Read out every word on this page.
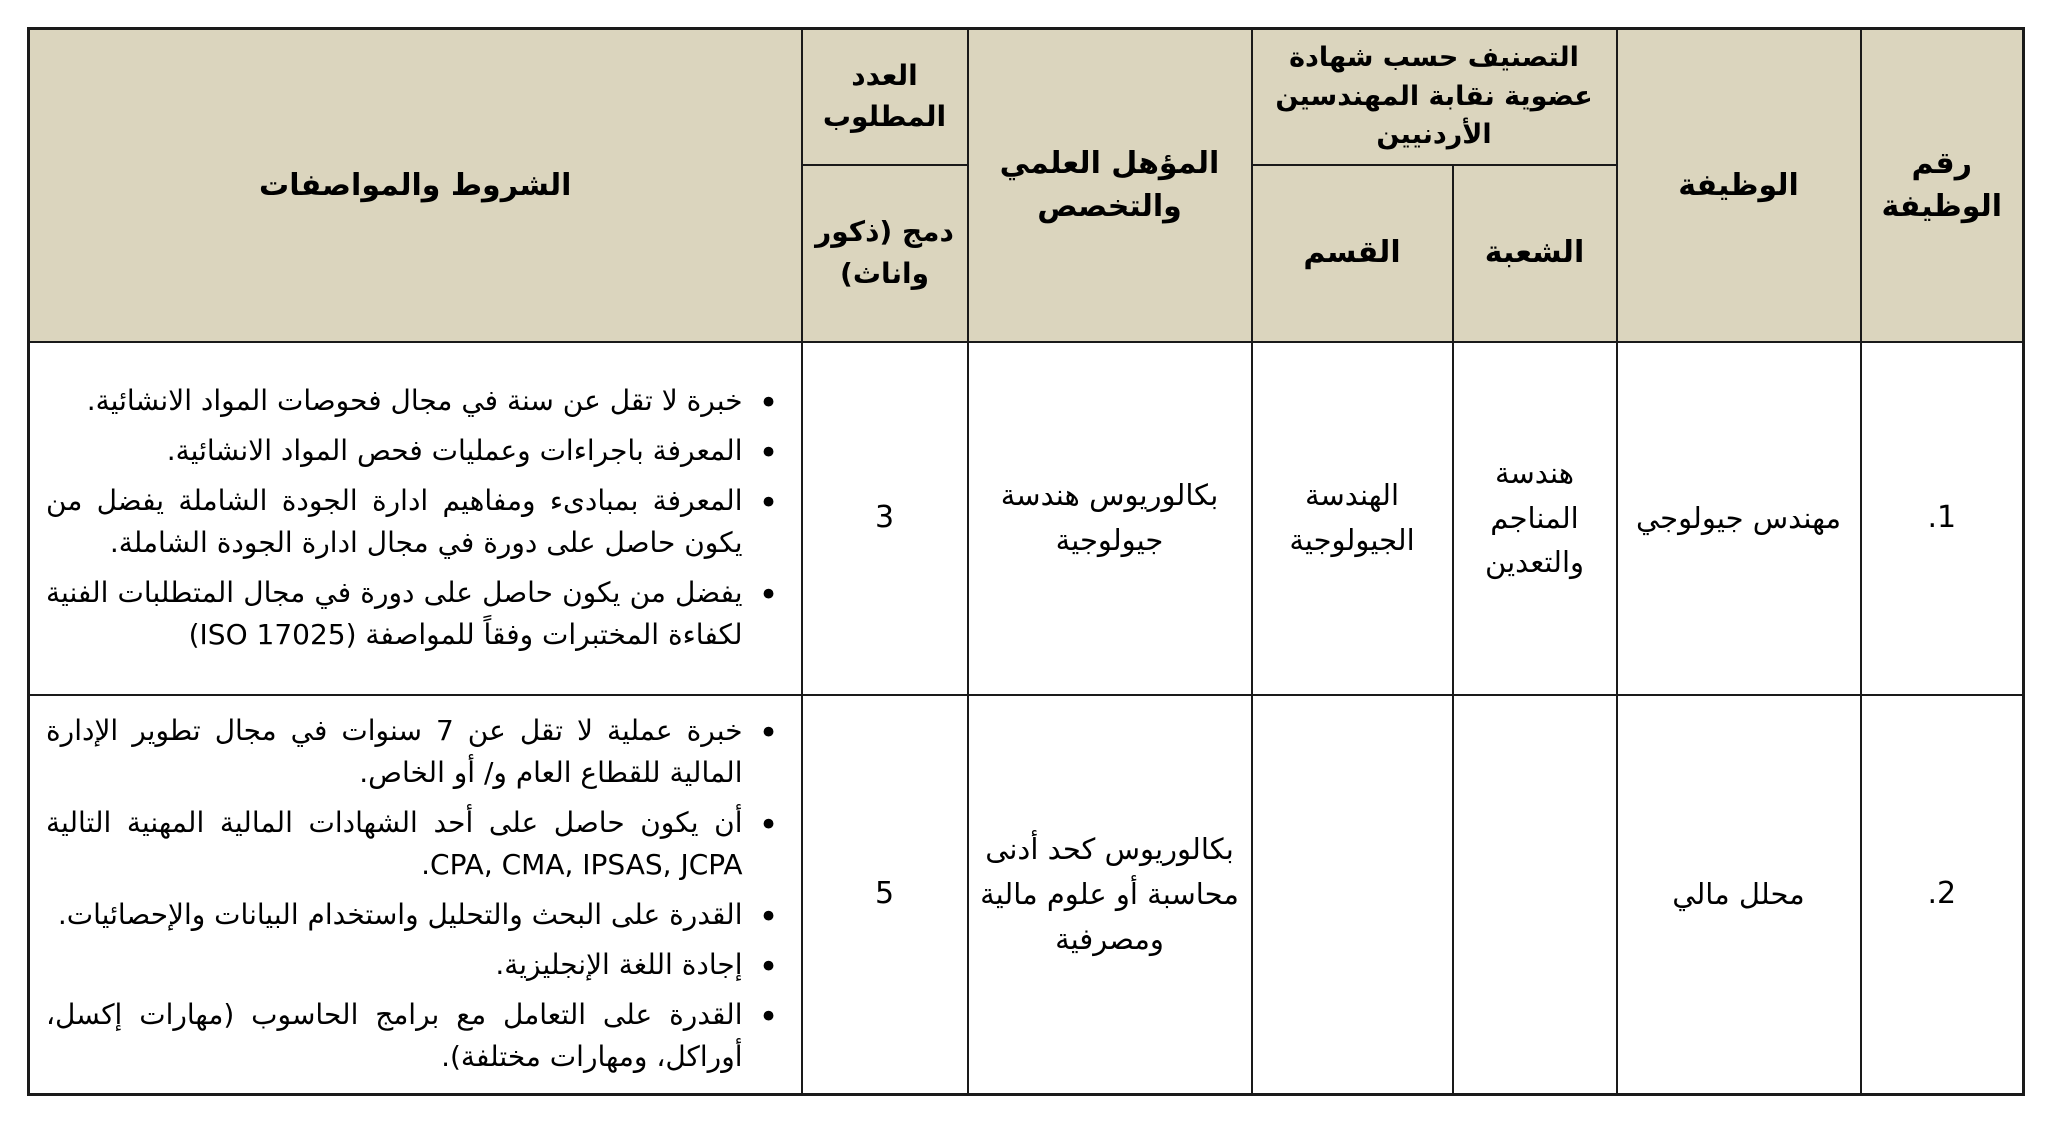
رقم الوظيفة	الوظيفة	التصنيف حسب شهادة عضوية نقابة المهندسين الأردنيين		المؤهل العلمي والتخصص	العدد المطلوب	الشروط والمواصفات
		الشعبة	القسم		دمج (ذكور واناث)	
1.	مهندس جيولوجي	هندسة المناجم والتعدين	الهندسة الجيولوجية	بكالوريوس هندسة جيولوجية	3	
• خبرة لا تقل عن سنة في مجال فحوصات المواد الانشائية.
• المعرفة باجراءات وعمليات فحص المواد الانشائية.
• المعرفة بمبادىء ومفاهيم ادارة الجودة الشاملة يفضل من يكون حاصل على دورة في مجال ادارة الجودة الشاملة.
• يفضل من يكون حاصل على دورة في مجال المتطلبات الفنية لكفاءة المختبرات وفقاً للمواصفة (ISO 17025)

2.	محلل مالي			بكالوريوس كحد أدنى محاسبة أو علوم مالية ومصرفية	5	
• خبرة عملية لا تقل عن 7 سنوات في مجال تطوير الإدارة المالية للقطاع العام و/ أو الخاص.
• أن يكون حاصل على أحد الشهادات المالية المهنية التالية CPA, CMA, IPSAS, JCPA.
• القدرة على البحث والتحليل واستخدام البيانات والإحصائيات.
• إجادة اللغة الإنجليزية.
• القدرة على التعامل مع برامج الحاسوب (مهارات إكسل، أوراكل، ومهارات مختلفة).
